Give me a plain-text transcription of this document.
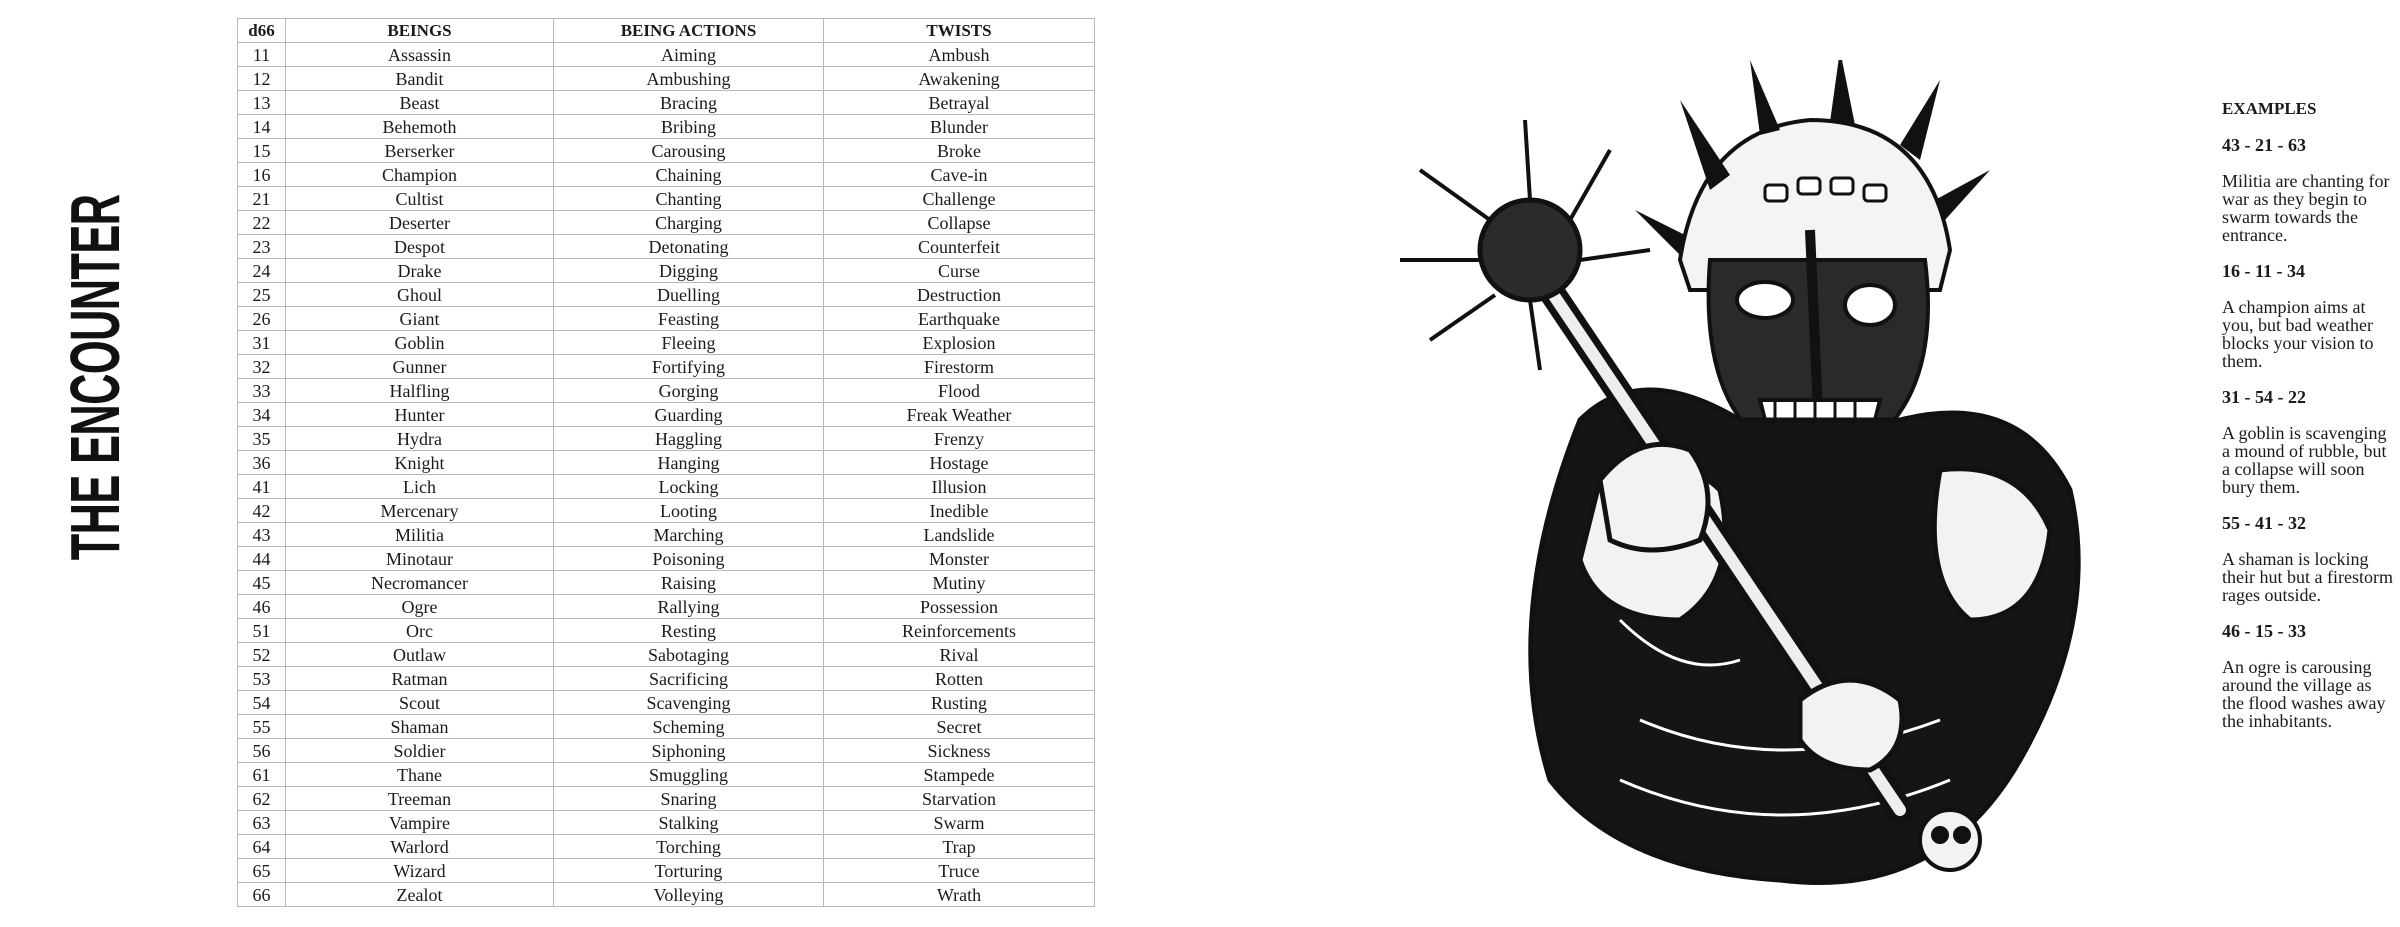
THE ENCOUNTER
d66	BEINGS	BEING ACTIONS	TWISTS
11	Assassin	Aiming	Ambush
12	Bandit	Ambushing	Awakening
13	Beast	Bracing	Betrayal
14	Behemoth	Bribing	Blunder
15	Berserker	Carousing	Broke
16	Champion	Chaining	Cave-in
21	Cultist	Chanting	Challenge
22	Deserter	Charging	Collapse
23	Despot	Detonating	Counterfeit
24	Drake	Digging	Curse
25	Ghoul	Duelling	Destruction
26	Giant	Feasting	Earthquake
31	Goblin	Fleeing	Explosion
32	Gunner	Fortifying	Firestorm
33	Halfling	Gorging	Flood
34	Hunter	Guarding	Freak Weather
35	Hydra	Haggling	Frenzy
36	Knight	Hanging	Hostage
41	Lich	Locking	Illusion
42	Mercenary	Looting	Inedible
43	Militia	Marching	Landslide
44	Minotaur	Poisoning	Monster
45	Necromancer	Raising	Mutiny
46	Ogre	Rallying	Possession
51	Orc	Resting	Reinforcements
52	Outlaw	Sabotaging	Rival
53	Ratman	Sacrificing	Rotten
54	Scout	Scavenging	Rusting
55	Shaman	Scheming	Secret
56	Soldier	Siphoning	Sickness
61	Thane	Smuggling	Stampede
62	Treeman	Snaring	Starvation
63	Vampire	Stalking	Swarm
64	Warlord	Torching	Trap
65	Wizard	Torturing	Truce
66	Zealot	Volleying	Wrath
EXAMPLES
43 - 21 - 63
Militia are chanting for war as they begin to swarm towards the entrance.
16 - 11 - 34
A champion aims at you, but bad weather blocks your vision to them.
31 - 54 - 22
A goblin is scavenging a mound of rubble, but a collapse will soon bury them.
55 - 41 - 32
A shaman is locking their hut but a firestorm rages outside.
46 - 15 - 33
An ogre is carousing around the village as the flood washes away the inhabitants.
